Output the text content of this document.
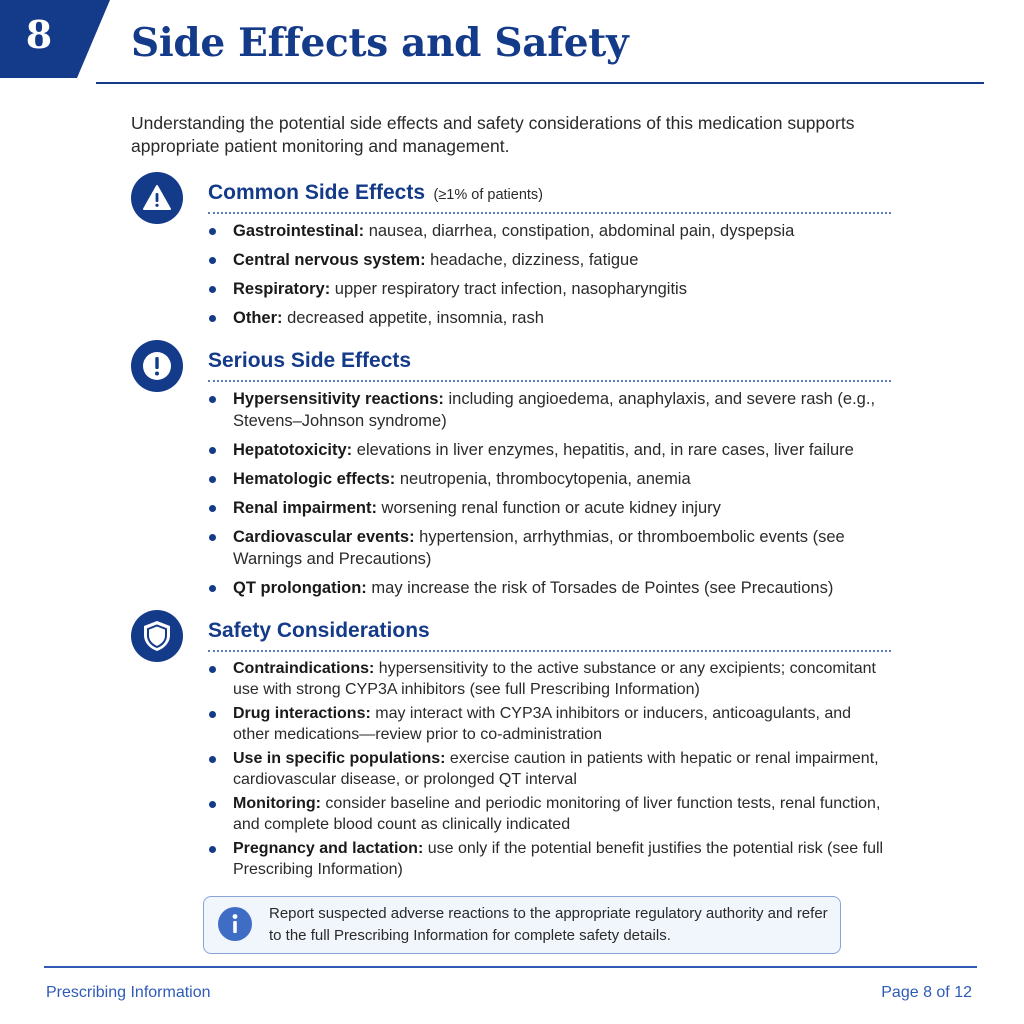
8	Side Effects and Safety

Understanding the potential side effects and safety considerations of this medication supports appropriate patient monitoring and management.

Common Side Effects (≥1% of patients)
Gastrointestinal: nausea, diarrhea, constipation, abdominal pain, dyspepsia
Central nervous system: headache, dizziness, fatigue
Respiratory: upper respiratory tract infection, nasopharyngitis
Other: decreased appetite, insomnia, rash
Serious Side Effects
Hypersensitivity reactions: including angioedema, anaphylaxis, and severe rash (e.g., Stevens–Johnson syndrome)
Hepatotoxicity: elevations in liver enzymes, hepatitis, and, in rare cases, liver failure
Hematologic effects: neutropenia, thrombocytopenia, anemia
Renal impairment: worsening renal function or acute kidney injury
Cardiovascular events: hypertension, arrhythmias, or thromboembolic events (see Warnings and Precautions)
QT prolongation: may increase the risk of Torsades de Pointes (see Precautions)
Safety Considerations
Contraindications: hypersensitivity to the active substance or any excipients; concomitant use with strong CYP3A inhibitors (see full Prescribing Information)
Drug interactions: may interact with CYP3A inhibitors or inducers, anticoagulants, and other medications—review prior to co-administration
Use in specific populations: exercise caution in patients with hepatic or renal impairment, cardiovascular disease, or prolonged QT interval
Monitoring: consider baseline and periodic monitoring of liver function tests, renal function, and complete blood count as clinically indicated
Pregnancy and lactation: use only if the potential benefit justifies the potential risk (see full Prescribing Information)

Report suspected adverse reactions to the appropriate regulatory authority and refer to the full Prescribing Information for complete safety details.

Prescribing Information	Page 8 of 12
